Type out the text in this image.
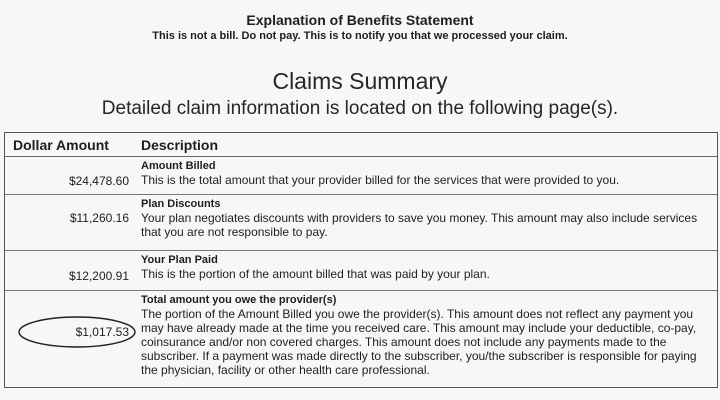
Explanation of Benefits Statement
This is not a bill. Do not pay. This is to notify you that we processed your claim.
Claims Summary
Detailed claim information is located on the following page(s).
Dollar Amount Description
$24,478.60
Amount Billed
This is the total amount that your provider billed for the services that were provided to you.
$11,260.16
Plan Discounts
Your plan negotiates discounts with providers to save you money. This amount may also include services that you are not responsible to pay.
$12,200.91
Your Plan Paid
This is the portion of the amount billed that was paid by your plan.
$1,017.53
Total amount you owe the provider(s)
The portion of the Amount Billed you owe the provider(s). This amount does not reflect any payment you may have already made at the time you received care. This amount may include your deductible, co-pay, coinsurance and/or non covered charges. This amount does not include any payments made to the subscriber. If a payment was made directly to the subscriber, you/the subscriber is responsible for paying the physician, facility or other health care professional.
